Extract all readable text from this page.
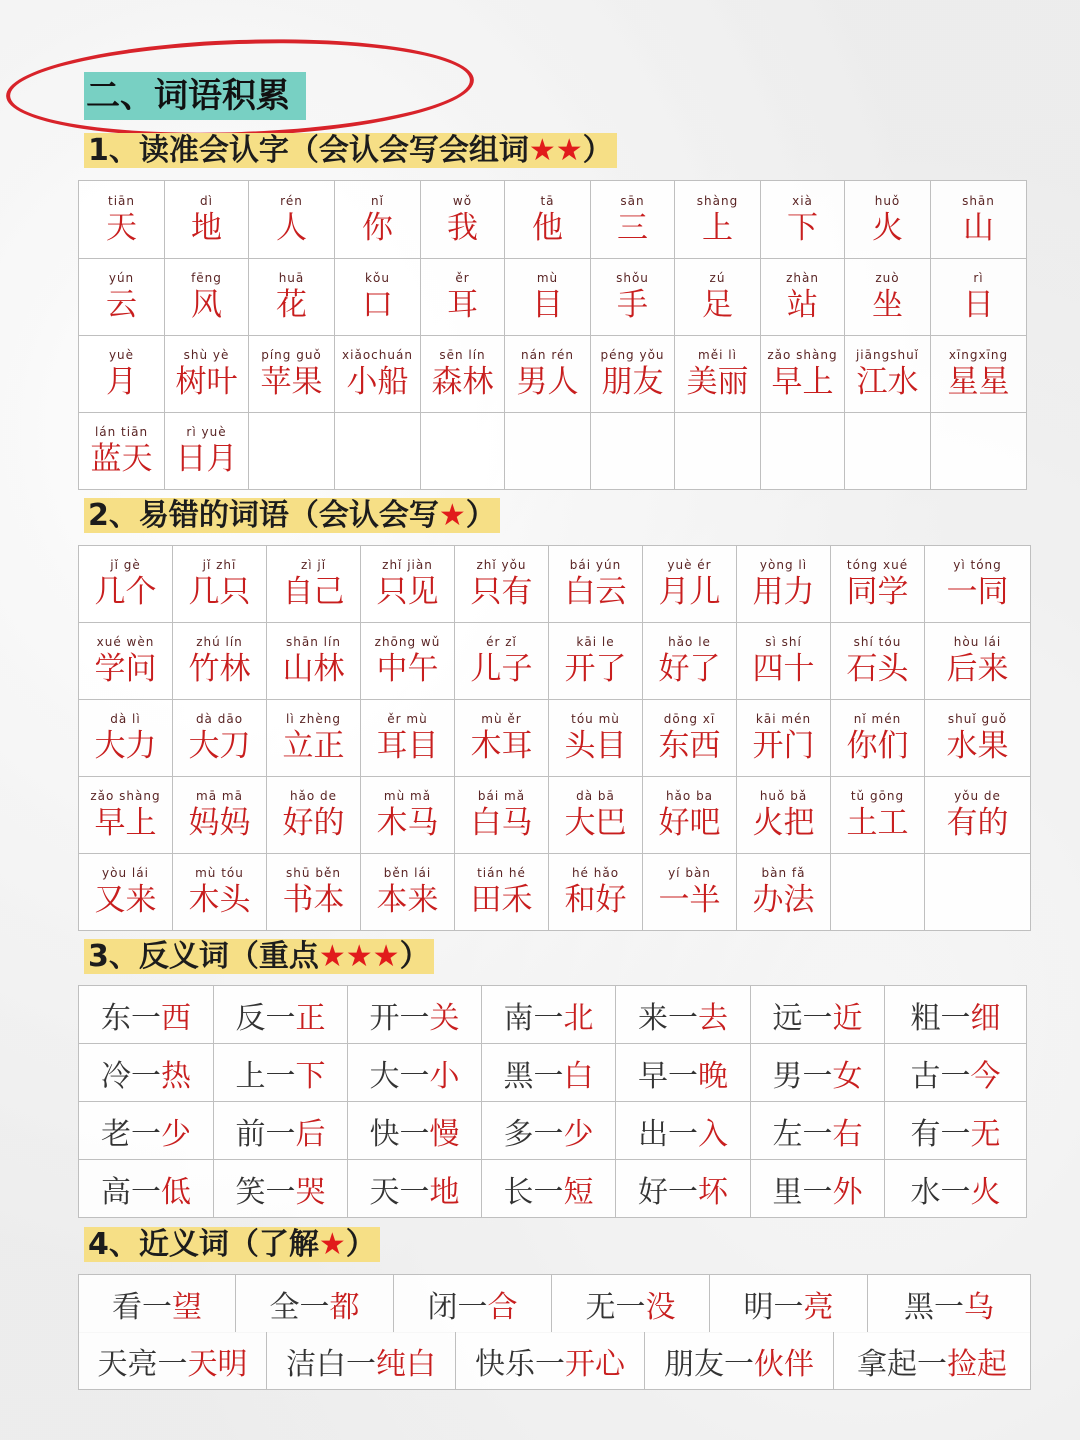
二、词语积累
1、读准会认字（会认会写会组词★★）
tiān
天
dì
地
rén
人
nǐ
你
wǒ
我
tā
他
sān
三
shàng
上
xià
下
huǒ
火
shān
山
yún
云
fēng
风
huā
花
kǒu
口
ěr
耳
mù
目
shǒu
手
zú
足
zhàn
站
zuò
坐
rì
日
yuè
月
shù yè
树叶
píng guǒ
苹果
xiǎochuán
小船
sēn lín
森林
nán rén
男人
péng yǒu
朋友
měi lì
美丽
zǎo shàng
早上
jiāngshuǐ
江水
xīngxīng
星星
lán tiān
蓝天
rì yuè
日月
2、易错的词语（会认会写★）
jǐ gè
几个
jǐ zhī
几只
zì jǐ
自己
zhǐ jiàn
只见
zhǐ yǒu
只有
bái yún
白云
yuè ér
月儿
yòng lì
用力
tóng xué
同学
yì tóng
一同
xué wèn
学问
zhú lín
竹林
shān lín
山林
zhōng wǔ
中午
ér zǐ
儿子
kāi le
开了
hǎo le
好了
sì shí
四十
shí tóu
石头
hòu lái
后来
dà lì
大力
dà dāo
大刀
lì zhèng
立正
ěr mù
耳目
mù ěr
木耳
tóu mù
头目
dōng xī
东西
kāi mén
开门
nǐ mén
你们
shuǐ guǒ
水果
zǎo shàng
早上
mā mā
妈妈
hǎo de
好的
mù mǎ
木马
bái mǎ
白马
dà bā
大巴
hǎo ba
好吧
huǒ bǎ
火把
tǔ gōng
土工
yǒu de
有的
yòu lái
又来
mù tóu
木头
shū běn
书本
běn lái
本来
tián hé
田禾
hé hǎo
和好
yí bàn
一半
bàn fǎ
办法
3、反义词（重点★★★）
东一西 反一正 开一关 南一北 来一去 远一近 粗一细
冷一热 上一下 大一小 黑一白 早一晚 男一女 古一今
老一少 前一后 快一慢 多一少 出一入 左一右 有一无
高一低 笑一哭 天一地 长一短 好一坏 里一外 水一火
4、近义词（了解★）
看一望 全一都 闭一合 无一没 明一亮 黑一乌
天亮一天明 洁白一纯白 快乐一开心 朋友一伙伴 拿起一捡起
